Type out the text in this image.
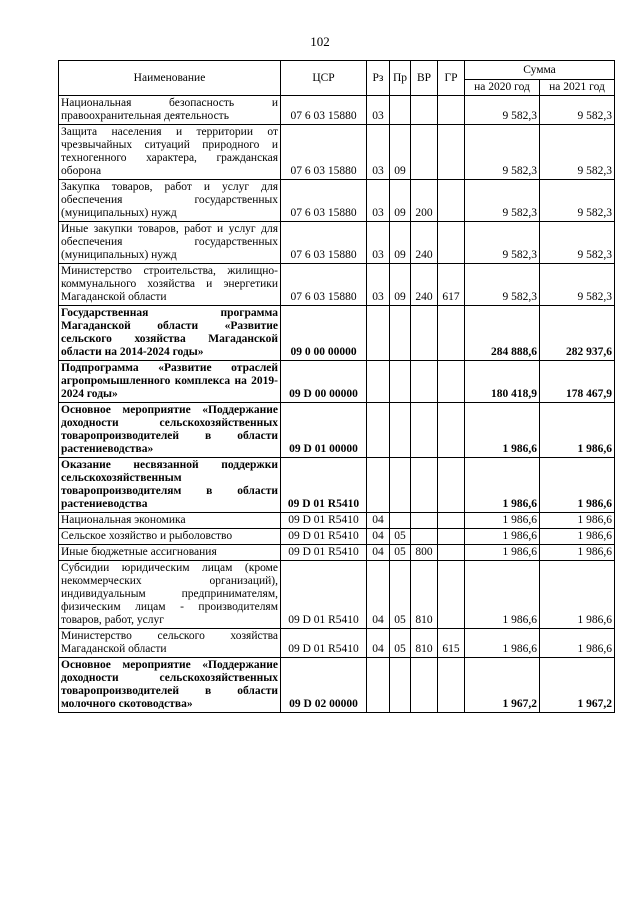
102
Наименование	ЦСР	Рз	Пр	ВР	ГР	Сумма	
						на 2020 год	на 2021 год
Национальная безопасность и правоохранительная деятельность	07 6 03 15880	03				9 582,3	9 582,3
Защита населения и территории от чрезвычайных ситуаций природного и техногенного характера, гражданская оборона	07 6 03 15880	03	09			9 582,3	9 582,3
Закупка товаров, работ и услуг для обеспечения государственных (муниципальных) нужд	07 6 03 15880	03	09	200		9 582,3	9 582,3
Иные закупки товаров, работ и услуг для обеспечения государственных (муниципальных) нужд	07 6 03 15880	03	09	240		9 582,3	9 582,3
Министерство строительства, жилищно-коммунального хозяйства и энергетики Магаданской области	07 6 03 15880	03	09	240	617	9 582,3	9 582,3
Государственная программа Магаданской области «Развитие сельского хозяйства Магаданской области на 2014-2024 годы»	09 0 00 00000					284 888,6	282 937,6
Подпрограмма «Развитие отраслей агропромышленного комплекса на 2019-2024 годы»	09 D 00 00000					180 418,9	178 467,9
Основное мероприятие «Поддержание доходности сельскохозяйственных товаропроизводителей в области растениеводства»	09 D 01 00000					1 986,6	1 986,6
Оказание несвязанной поддержки сельскохозяйственным товаропроизводителям в области растениеводства	09 D 01 R5410					1 986,6	1 986,6
Национальная экономика	09 D 01 R5410	04				1 986,6	1 986,6
Сельское хозяйство и рыболовство	09 D 01 R5410	04	05			1 986,6	1 986,6
Иные бюджетные ассигнования	09 D 01 R5410	04	05	800		1 986,6	1 986,6
Субсидии юридическим лицам (кроме некоммерческих организаций), индивидуальным предпринимателям, физическим лицам - производителям товаров, работ, услуг	09 D 01 R5410	04	05	810		1 986,6	1 986,6
Министерство сельского хозяйства Магаданской области	09 D 01 R5410	04	05	810	615	1 986,6	1 986,6
Основное мероприятие «Поддержание доходности сельскохозяйственных товаропроизводителей в области молочного скотоводства»	09 D 02 00000					1 967,2	1 967,2
